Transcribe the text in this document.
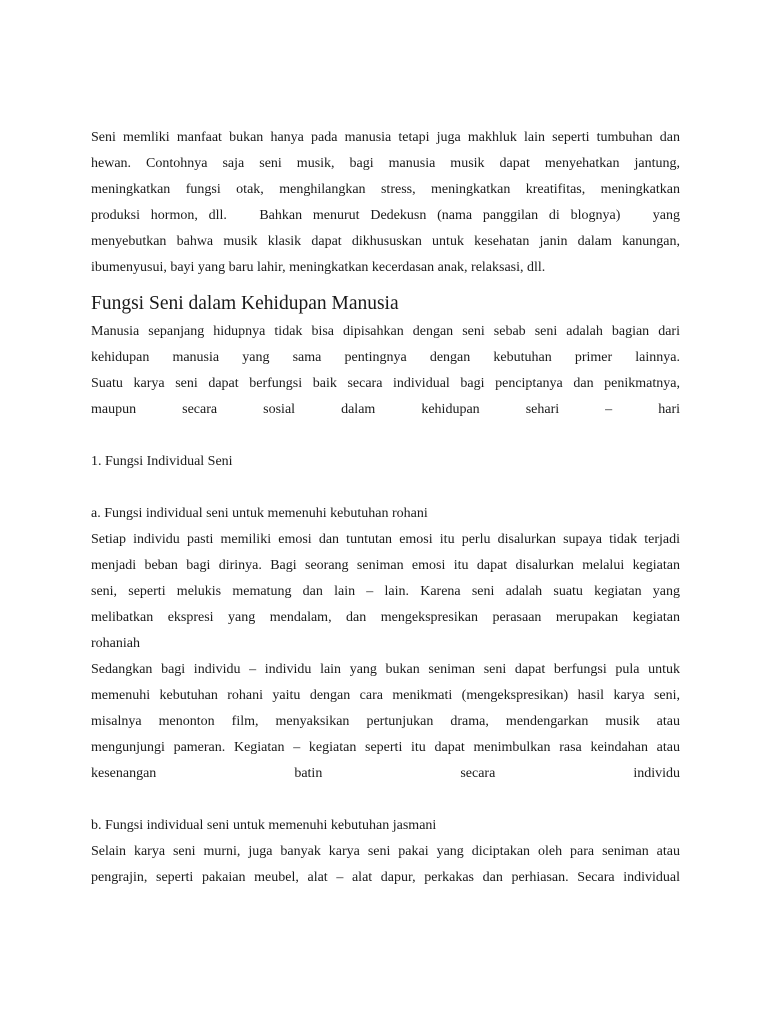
Seni memliki manfaat bukan hanya pada manusia tetapi juga makhluk lain seperti tumbuhan dan
hewan. Contohnya saja seni musik, bagi manusia musik dapat menyehatkan jantung,
meningkatkan fungsi otak, menghilangkan stress, meningkatkan kreatifitas, meningkatkan
produksi hormon, dll.   Bahkan menurut Dedekusn (nama panggilan di blognya)   yang
menyebutkan bahwa musik klasik dapat dikhususkan untuk kesehatan janin dalam kanungan,
ibumenyusui, bayi yang baru lahir, meningkatkan kecerdasan anak, relaksasi, dll.
Fungsi Seni dalam Kehidupan Manusia
Manusia sepanjang hidupnya tidak bisa dipisahkan dengan seni sebab seni adalah bagian dari
kehidupan manusia yang sama pentingnya dengan kebutuhan primer lainnya.
Suatu karya seni dapat berfungsi baik secara individual bagi penciptanya dan penikmatnya,
maupun secara sosial dalam kehidupan sehari – hari
1. Fungsi Individual Seni
a. Fungsi individual seni untuk memenuhi kebutuhan rohani
Setiap individu pasti memiliki emosi dan tuntutan emosi itu perlu disalurkan supaya tidak terjadi
menjadi beban bagi dirinya. Bagi seorang seniman emosi itu dapat disalurkan melalui kegiatan
seni, seperti melukis mematung dan lain – lain. Karena seni adalah suatu kegiatan yang
melibatkan ekspresi yang mendalam, dan mengekspresikan perasaan merupakan kegiatan
rohaniah
Sedangkan bagi individu – individu lain yang bukan seniman seni dapat berfungsi pula untuk
memenuhi kebutuhan rohani yaitu dengan cara menikmati (mengekspresikan) hasil karya seni,
misalnya menonton film, menyaksikan pertunjukan drama, mendengarkan musik atau
mengunjungi pameran. Kegiatan – kegiatan seperti itu dapat menimbulkan rasa keindahan atau
kesenangan batin secara individu
b. Fungsi individual seni untuk memenuhi kebutuhan jasmani
Selain karya seni murni, juga banyak karya seni pakai yang diciptakan oleh para seniman atau
pengrajin, seperti pakaian meubel, alat – alat dapur, perkakas dan perhiasan. Secara individual
